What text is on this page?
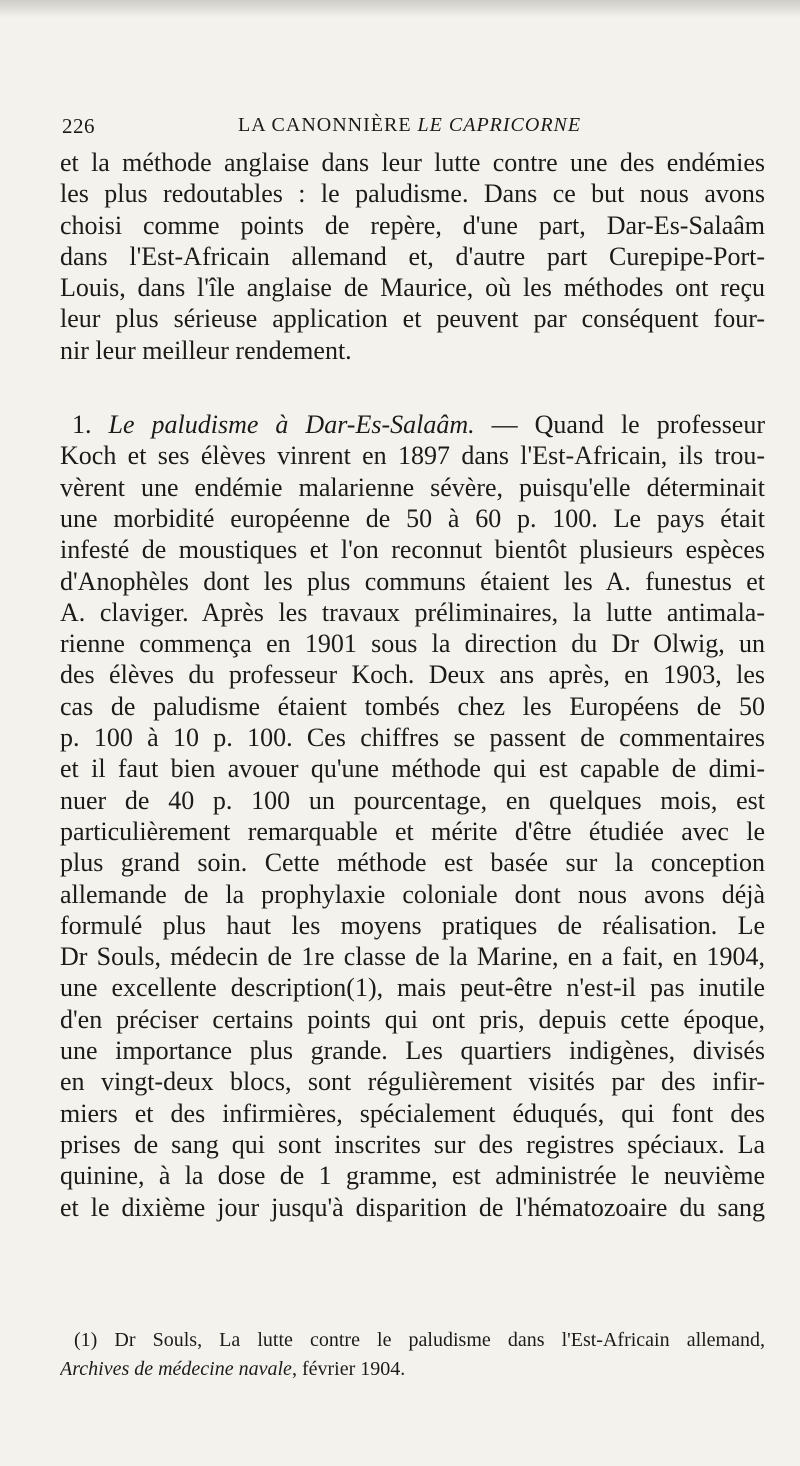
226	LA CANONNIÈRE LE CAPRICORNE
et la méthode anglaise dans leur lutte contre une des endémies
les plus redoutables : le paludisme. Dans ce but nous avons
choisi comme points de repère, d'une part, Dar-Es-Salaâm
dans l'Est-Africain allemand et, d'autre part Curepipe-Port-
Louis, dans l'île anglaise de Maurice, où les méthodes ont reçu
leur plus sérieuse application et peuvent par conséquent four-
nir leur meilleur rendement.
1. Le paludisme à Dar-Es-Salaâm. — Quand le professeur
Koch et ses élèves vinrent en 1897 dans l'Est-Africain, ils trou-
vèrent une endémie malarienne sévère, puisqu'elle déterminait
une morbidité européenne de 50 à 60 p. 100. Le pays était
infesté de moustiques et l'on reconnut bientôt plusieurs espèces
d'Anophèles dont les plus communs étaient les A. funestus et
A. claviger. Après les travaux préliminaires, la lutte antimala-
rienne commença en 1901 sous la direction du Dr Olwig, un
des élèves du professeur Koch. Deux ans après, en 1903, les
cas de paludisme étaient tombés chez les Européens de 50
p. 100 à 10 p. 100. Ces chiffres se passent de commentaires
et il faut bien avouer qu'une méthode qui est capable de dimi-
nuer de 40 p. 100 un pourcentage, en quelques mois, est
particulièrement remarquable et mérite d'être étudiée avec le
plus grand soin. Cette méthode est basée sur la conception
allemande de la prophylaxie coloniale dont nous avons déjà
formulé plus haut les moyens pratiques de réalisation. Le
Dr Souls, médecin de 1re classe de la Marine, en a fait, en 1904,
une excellente description(1), mais peut-être n'est-il pas inutile
d'en préciser certains points qui ont pris, depuis cette époque,
une importance plus grande. Les quartiers indigènes, divisés
en vingt-deux blocs, sont régulièrement visités par des infir-
miers et des infirmières, spécialement éduqués, qui font des
prises de sang qui sont inscrites sur des registres spéciaux. La
quinine, à la dose de 1 gramme, est administrée le neuvième
et le dixième jour jusqu'à disparition de l'hématozoaire du sang
(1) Dr Souls, La lutte contre le paludisme dans l'Est-Africain allemand,
Archives de médecine navale, février 1904.
